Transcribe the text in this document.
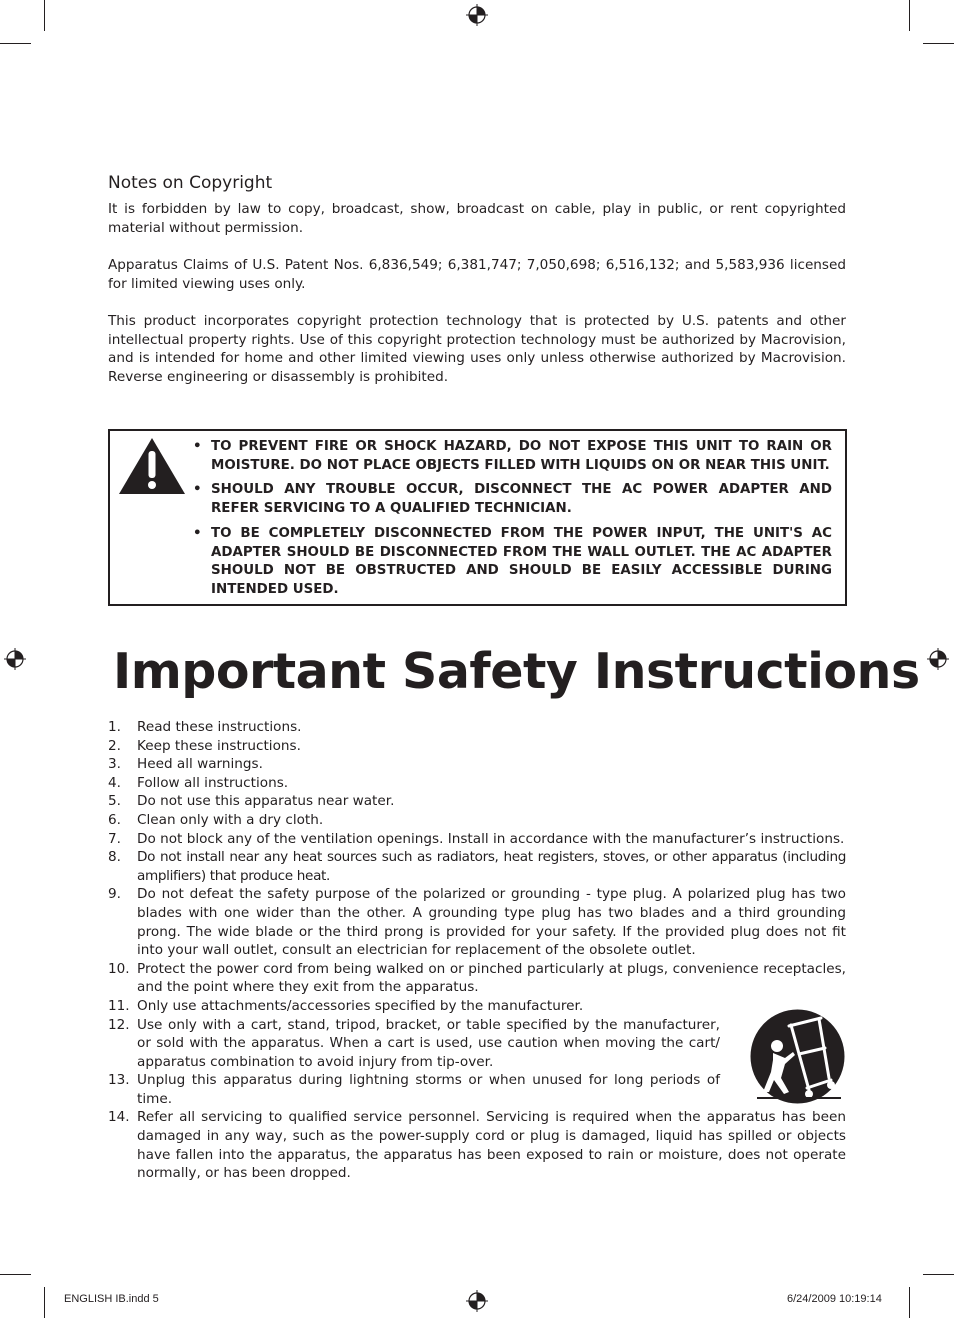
Notes on Copyright

It is forbidden by law to copy, broadcast, show, broadcast on cable, play in public, or rent copyrighted material without permission.

Apparatus Claims of U.S. Patent Nos. 6,836,549; 6,381,747; 7,050,698; 6,516,132; and 5,583,936 licensed for limited viewing uses only.

This product incorporates copyright protection technology that is protected by U.S. patents and other intellectual property rights. Use of this copyright protection technology must be authorized by Macrovision, and is intended for home and other limited viewing uses only unless otherwise authorized by Macrovision. Reverse engineering or disassembly is prohibited.

• TO PREVENT FIRE OR SHOCK HAZARD, DO NOT EXPOSE THIS UNIT TO RAIN OR MOISTURE. DO NOT PLACE OBJECTS FILLED WITH LIQUIDS ON OR NEAR THIS UNIT.
• SHOULD ANY TROUBLE OCCUR, DISCONNECT THE AC POWER ADAPTER AND REFER SERVICING TO A QUALIFIED TECHNICIAN.
• TO BE COMPLETELY DISCONNECTED FROM THE POWER INPUT, THE UNIT'S AC ADAPTER SHOULD BE DISCONNECTED FROM THE WALL OUTLET. THE AC ADAPTER SHOULD NOT BE OBSTRUCTED AND SHOULD BE EASILY ACCESSIBLE DURING INTENDED USED.
Important Safety Instructions
1. Read these instructions.
2. Keep these instructions.
3. Heed all warnings.
4. Follow all instructions.
5. Do not use this apparatus near water.
6. Clean only with a dry cloth.
7. Do not block any of the ventilation openings. Install in accordance with the manufacturer’s instructions.
8. Do not install near any heat sources such as radiators, heat registers, stoves, or other apparatus (including amplifiers) that produce heat.
9. Do not defeat the safety purpose of the polarized or grounding - type plug. A polarized plug has two blades with one wider than the other. A grounding type plug has two blades and a third grounding prong. The wide blade or the third prong is provided for your safety. If the provided plug does not fit into your wall outlet, consult an electrician for replacement of the obsolete outlet.
10. Protect the power cord from being walked on or pinched particularly at plugs, convenience receptacles, and the point where they exit from the apparatus.
11. Only use attachments/accessories specified by the manufacturer.
12. Use only with a cart, stand, tripod, bracket, or table specified by the manufacturer, or sold with the apparatus. When a cart is used, use caution when moving the cart/ apparatus combination to avoid injury from tip-over.
13. Unplug this apparatus during lightning storms or when unused for long periods of time.
14. Refer all servicing to qualified service personnel. Servicing is required when the apparatus has been damaged in any way, such as the power-supply cord or plug is damaged, liquid has spilled or objects have fallen into the apparatus, the apparatus has been exposed to rain or moisture, does not operate normally, or has been dropped.
ENGLISH IB.indd 5	6/24/2009 10:19:14
